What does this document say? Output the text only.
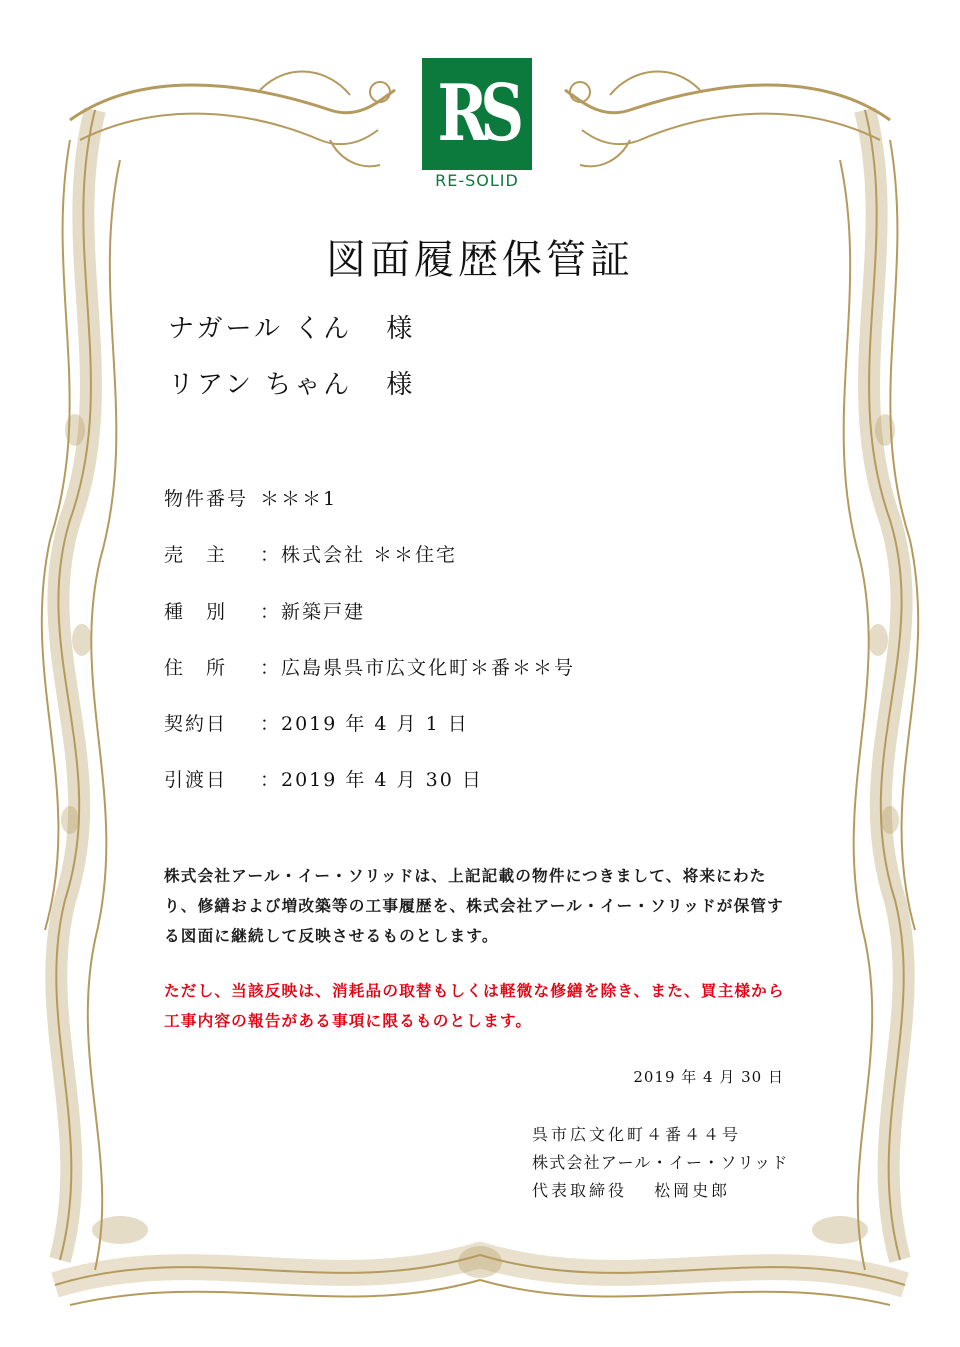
RS
RE-SOLID
図面履歴保管証
ナガール くん 様
リアン ちゃん 様
物件番号 ＊＊＊1
売　主 ：株式会社 ＊＊住宅
種　別 ：新築戸建
住　所 ：広島県呉市広文化町＊番＊＊号
契約日 ：2019 年 4 月 1 日
引渡日 ：2019 年 4 月 30 日
株式会社アール・イー・ソリッドは、上記記載の物件につきまして、将来にわたり、修繕および増改築等の工事履歴を、株式会社アール・イー・ソリッドが保管する図面に継続して反映させるものとします。
ただし、当該反映は、消耗品の取替もしくは軽微な修繕を除き、また、買主様から工事内容の報告がある事項に限るものとします。
2019 年 4 月 30 日
呉市広文化町４番４４号
株式会社アール・イー・ソリッド
代表取締役　 松岡史郎
